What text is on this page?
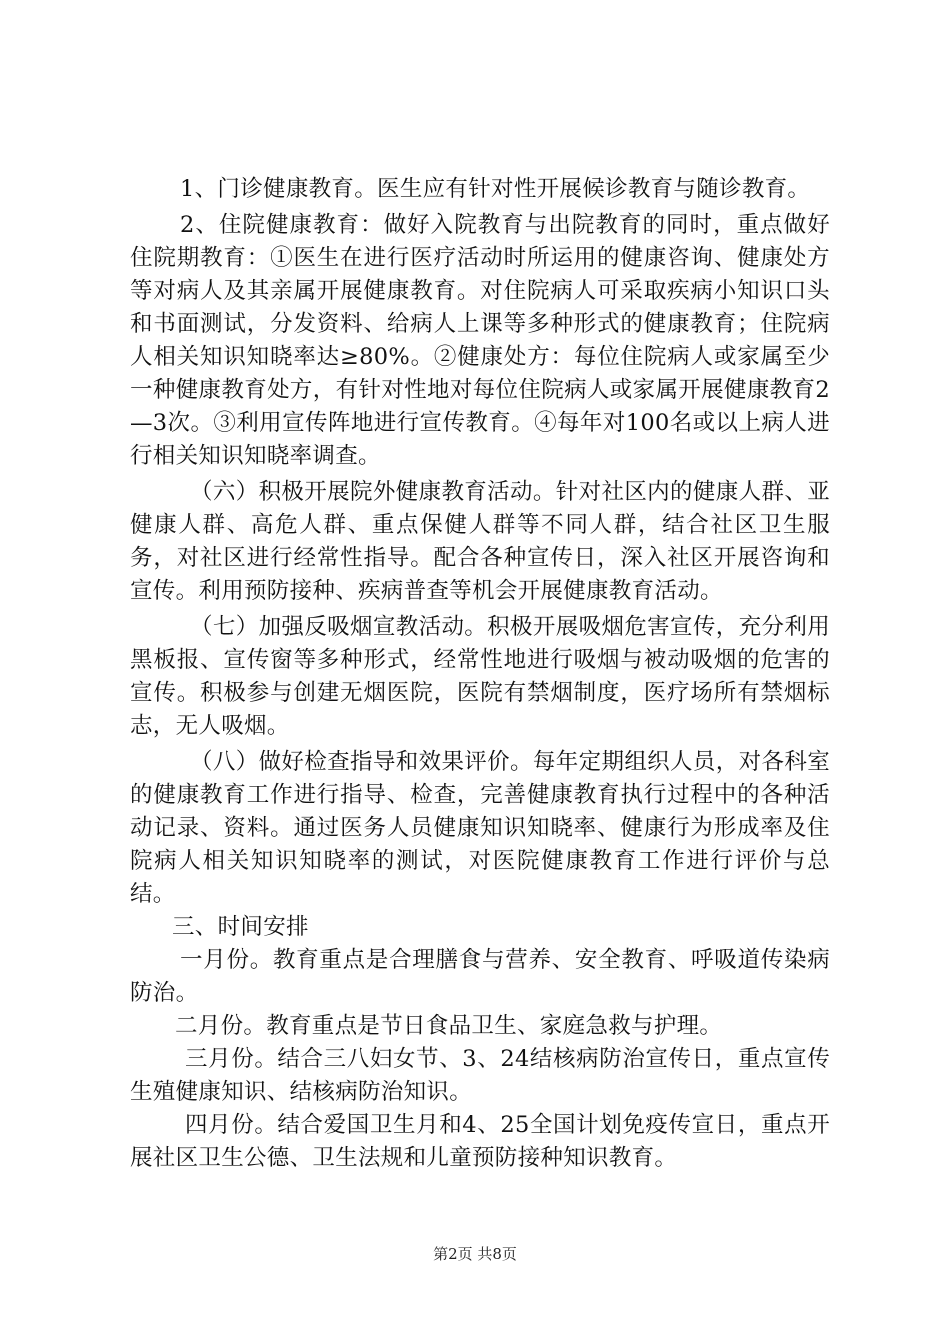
1、门诊健康教育。医生应有针对性开展候诊教育与随诊教育。

2、住院健康教育：做好入院教育与出院教育的同时，重点做好住院期教育：①医生在进行医疗活动时所运用的健康咨询、健康处方等对病人及其亲属开展健康教育。对住院病人可采取疾病小知识口头和书面测试，分发资料、给病人上课等多种形式的健康教育；住院病人相关知识知晓率达≥80%。②健康处方：每位住院病人或家属至少一种健康教育处方，有针对性地对每位住院病人或家属开展健康教育2—3次。③利用宣传阵地进行宣传教育。④每年对100名或以上病人进行相关知识知晓率调查。

（六）积极开展院外健康教育活动。针对社区内的健康人群、亚健康人群、高危人群、重点保健人群等不同人群，结合社区卫生服务，对社区进行经常性指导。配合各种宣传日，深入社区开展咨询和宣传。利用预防接种、疾病普查等机会开展健康教育活动。

（七）加强反吸烟宣教活动。积极开展吸烟危害宣传，充分利用黑板报、宣传窗等多种形式，经常性地进行吸烟与被动吸烟的危害的宣传。积极参与创建无烟医院，医院有禁烟制度，医疗场所有禁烟标志，无人吸烟。

（八）做好检查指导和效果评价。每年定期组织人员，对各科室的健康教育工作进行指导、检查，完善健康教育执行过程中的各种活动记录、资料。通过医务人员健康知识知晓率、健康行为形成率及住院病人相关知识知晓率的测试，对医院健康教育工作进行评价与总结。

三、时间安排

一月份。教育重点是合理膳食与营养、安全教育、呼吸道传染病防治。

二月份。教育重点是节日食品卫生、家庭急救与护理。

三月份。结合三八妇女节、3、24结核病防治宣传日，重点宣传生殖健康知识、结核病防治知识。

四月份。结合爱国卫生月和4、25全国计划免疫传宣日，重点开展社区卫生公德、卫生法规和儿童预防接种知识教育。

第2页 共8页
